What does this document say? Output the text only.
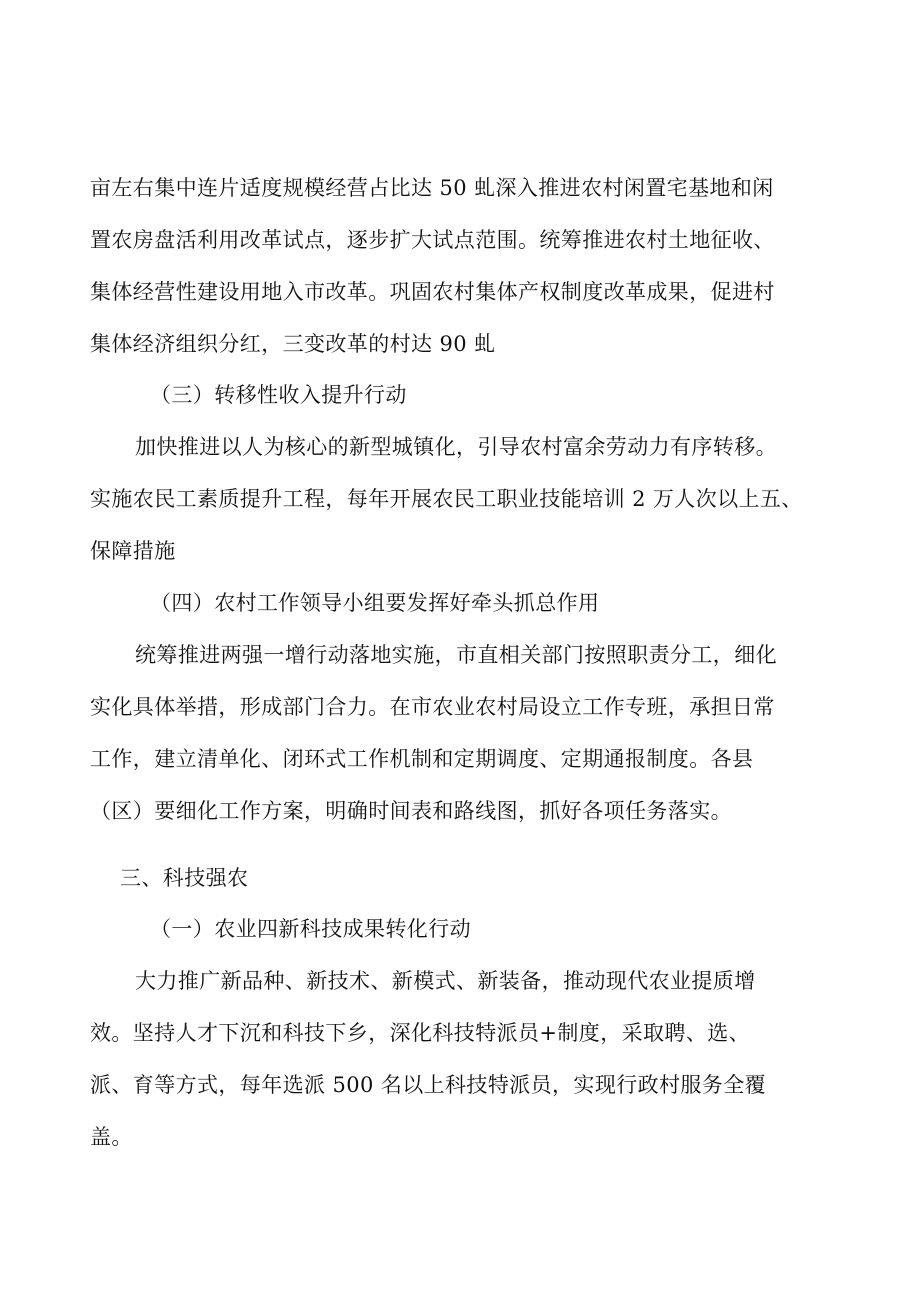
亩左右集中连片适度规模经营占比达 50 虬深入推进农村闲置宅基地和闲

置农房盘活利用改革试点，逐步扩大试点范围。统筹推进农村土地征收、

集体经营性建设用地入市改革。巩固农村集体产权制度改革成果，促进村

集体经济组织分红，三变改革的村达 90 虬

（三）转移性收入提升行动

加快推进以人为核心的新型城镇化，引导农村富余劳动力有序转移。

实施农民工素质提升工程，每年开展农民工职业技能培训 2 万人次以上五、

保障措施

（四）农村工作领导小组要发挥好牵头抓总作用

统筹推进两强一增行动落地实施，市直相关部门按照职责分工，细化

实化具体举措，形成部门合力。在市农业农村局设立工作专班，承担日常

工作，建立清单化、闭环式工作机制和定期调度、定期通报制度。各县

（区）要细化工作方案，明确时间表和路线图，抓好各项任务落实。

三、科技强农

（一）农业四新科技成果转化行动

大力推广新品种、新技术、新模式、新装备，推动现代农业提质增

效。坚持人才下沉和科技下乡，深化科技特派员+制度，采取聘、选、

派、育等方式，每年选派 500 名以上科技特派员，实现行政村服务全覆

盖。
